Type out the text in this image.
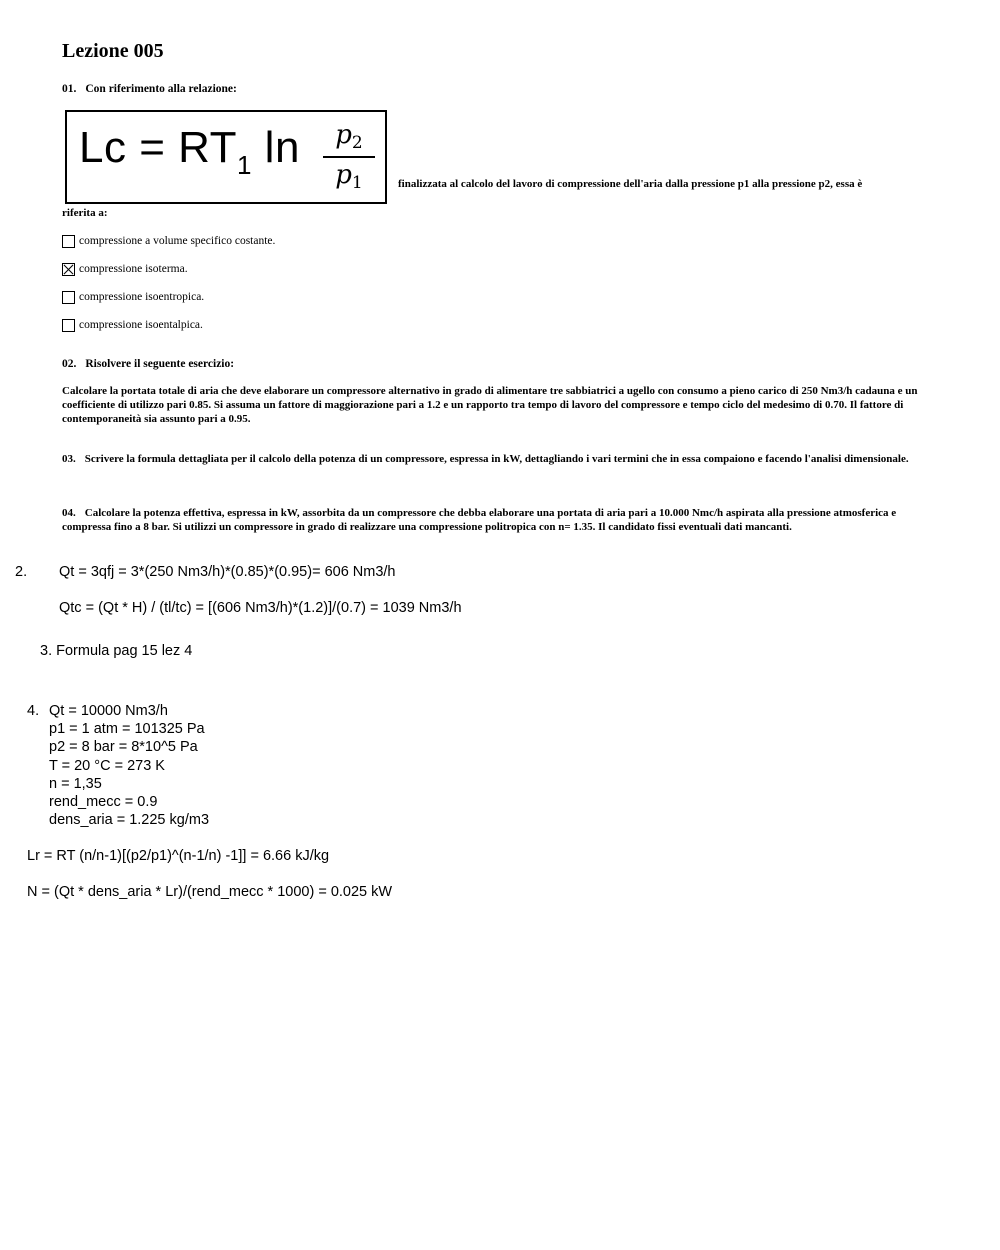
Lezione 005
01. Con riferimento alla relazione:
$Lc = RT_1$ ln	$p_2$
$p_1$	finalizzata al calcolo del lavoro di compressione dell'aria dalla pressione p1 alla pressione p2, essa è
riferita a:
compressione a volume specifico costante.
compressione isoterma.
compressione isoentropica.
compressione isoentalpica.
02. Risolvere il seguente esercizio:
Calcolare la portata totale di aria che deve elaborare un compressore alternativo in grado di alimentare tre sabbiatrici a ugello con consumo a pieno carico di 250 Nm3/h cadauna e un coefficiente di utilizzo pari 0.85. Si assuma un fattore di maggiorazione pari a 1.2 e un rapporto tra tempo di lavoro del compressore e tempo ciclo del medesimo di 0.70. Il fattore di contemporaneità sia assunto pari a 0.95.
03. Scrivere la formula dettagliata per il calcolo della potenza di un compressore, espressa in kW, dettagliando i vari termini che in essa compaiono e facendo l'analisi dimensionale.
04. Calcolare la potenza effettiva, espressa in kW, assorbita da un compressore che debba elaborare una portata di aria pari a 10.000 Nmc/h aspirata alla pressione atmosferica e compressa fino a 8 bar. Si utilizzi un compressore in grado di realizzare una compressione politropica con n= 1.35. Il candidato fissi eventuali dati mancanti.
2. Qt = 3qfj = 3*(250 Nm3/h)*(0.85)*(0.95)= 606 Nm3/h
Qtc = (Qt * H) / (tl/tc) = [(606 Nm3/h)*(1.2)]/(0.7) = 1039 Nm3/h
3. Formula pag 15 lez 4
4. Qt = 10000 Nm3/h
p1 = 1 atm = 101325 Pa
p2 = 8 bar = 8*10^5 Pa
T = 20 °C = 273 K
n = 1,35
rend_mecc = 0.9
dens_aria = 1.225 kg/m3
Lr = RT (n/n-1)[(p2/p1)^(n-1/n) -1]] = 6.66 kJ/kg
N = (Qt * dens_aria * Lr)/(rend_mecc * 1000) = 0.025 kW
